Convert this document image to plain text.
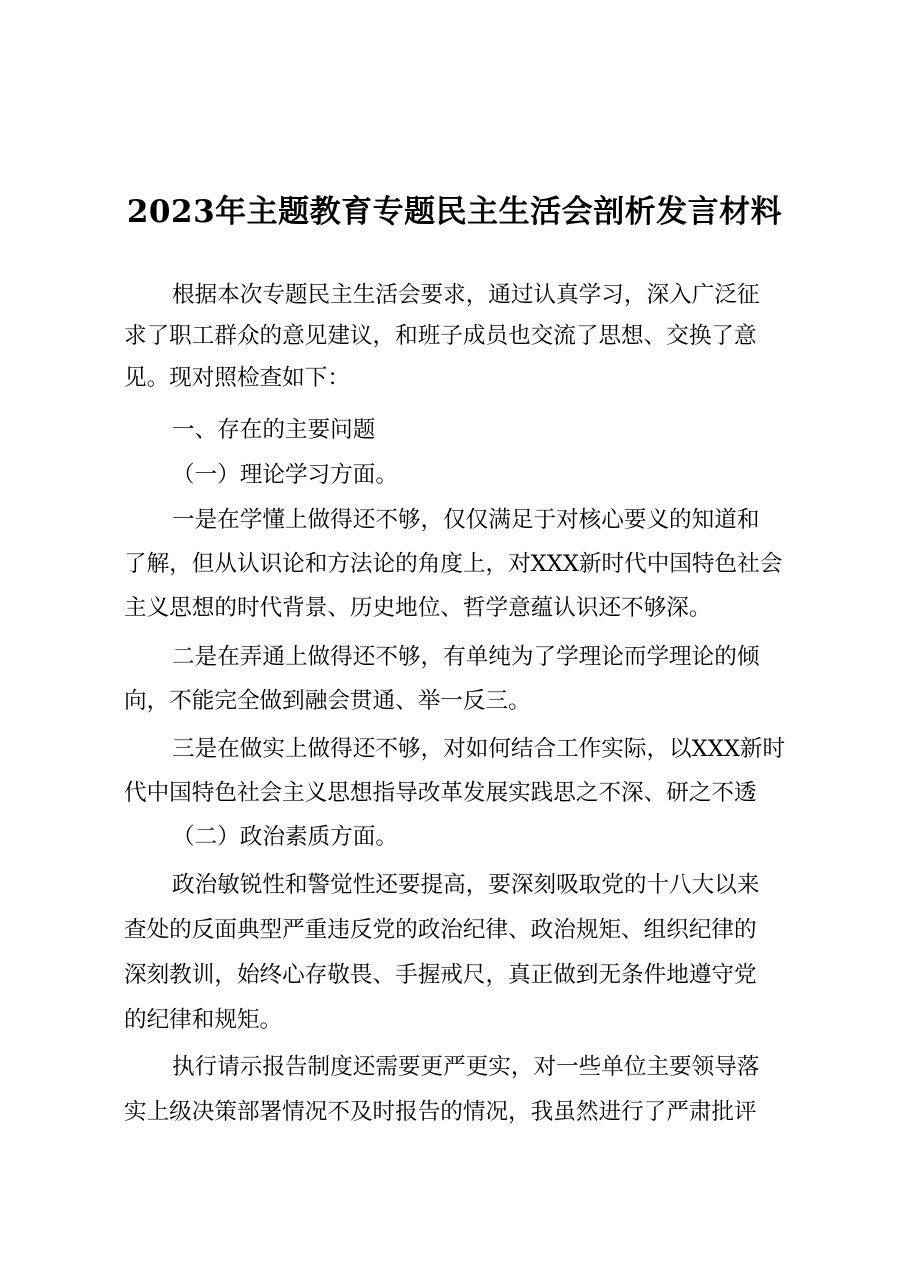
2023年主题教育专题民主生活会剖析发言材料
根据本次专题民主生活会要求，通过认真学习，深入广泛征
求了职工群众的意见建议，和班子成员也交流了思想、交换了意
见。现对照检查如下：
一、存在的主要问题
（一）理论学习方面。
一是在学懂上做得还不够，仅仅满足于对核心要义的知道和
了解，但从认识论和方法论的角度上，对XXX新时代中国特色社会
主义思想的时代背景、历史地位、哲学意蕴认识还不够深。
二是在弄通上做得还不够，有单纯为了学理论而学理论的倾
向，不能完全做到融会贯通、举一反三。
三是在做实上做得还不够，对如何结合工作实际，以XXX新时
代中国特色社会主义思想指导改革发展实践思之不深、研之不透
（二）政治素质方面。
政治敏锐性和警觉性还要提高，要深刻吸取党的十八大以来
查处的反面典型严重违反党的政治纪律、政治规矩、组织纪律的
深刻教训，始终心存敬畏、手握戒尺，真正做到无条件地遵守党
的纪律和规矩。
执行请示报告制度还需要更严更实，对一些单位主要领导落
实上级决策部署情况不及时报告的情况，我虽然进行了严肃批评
